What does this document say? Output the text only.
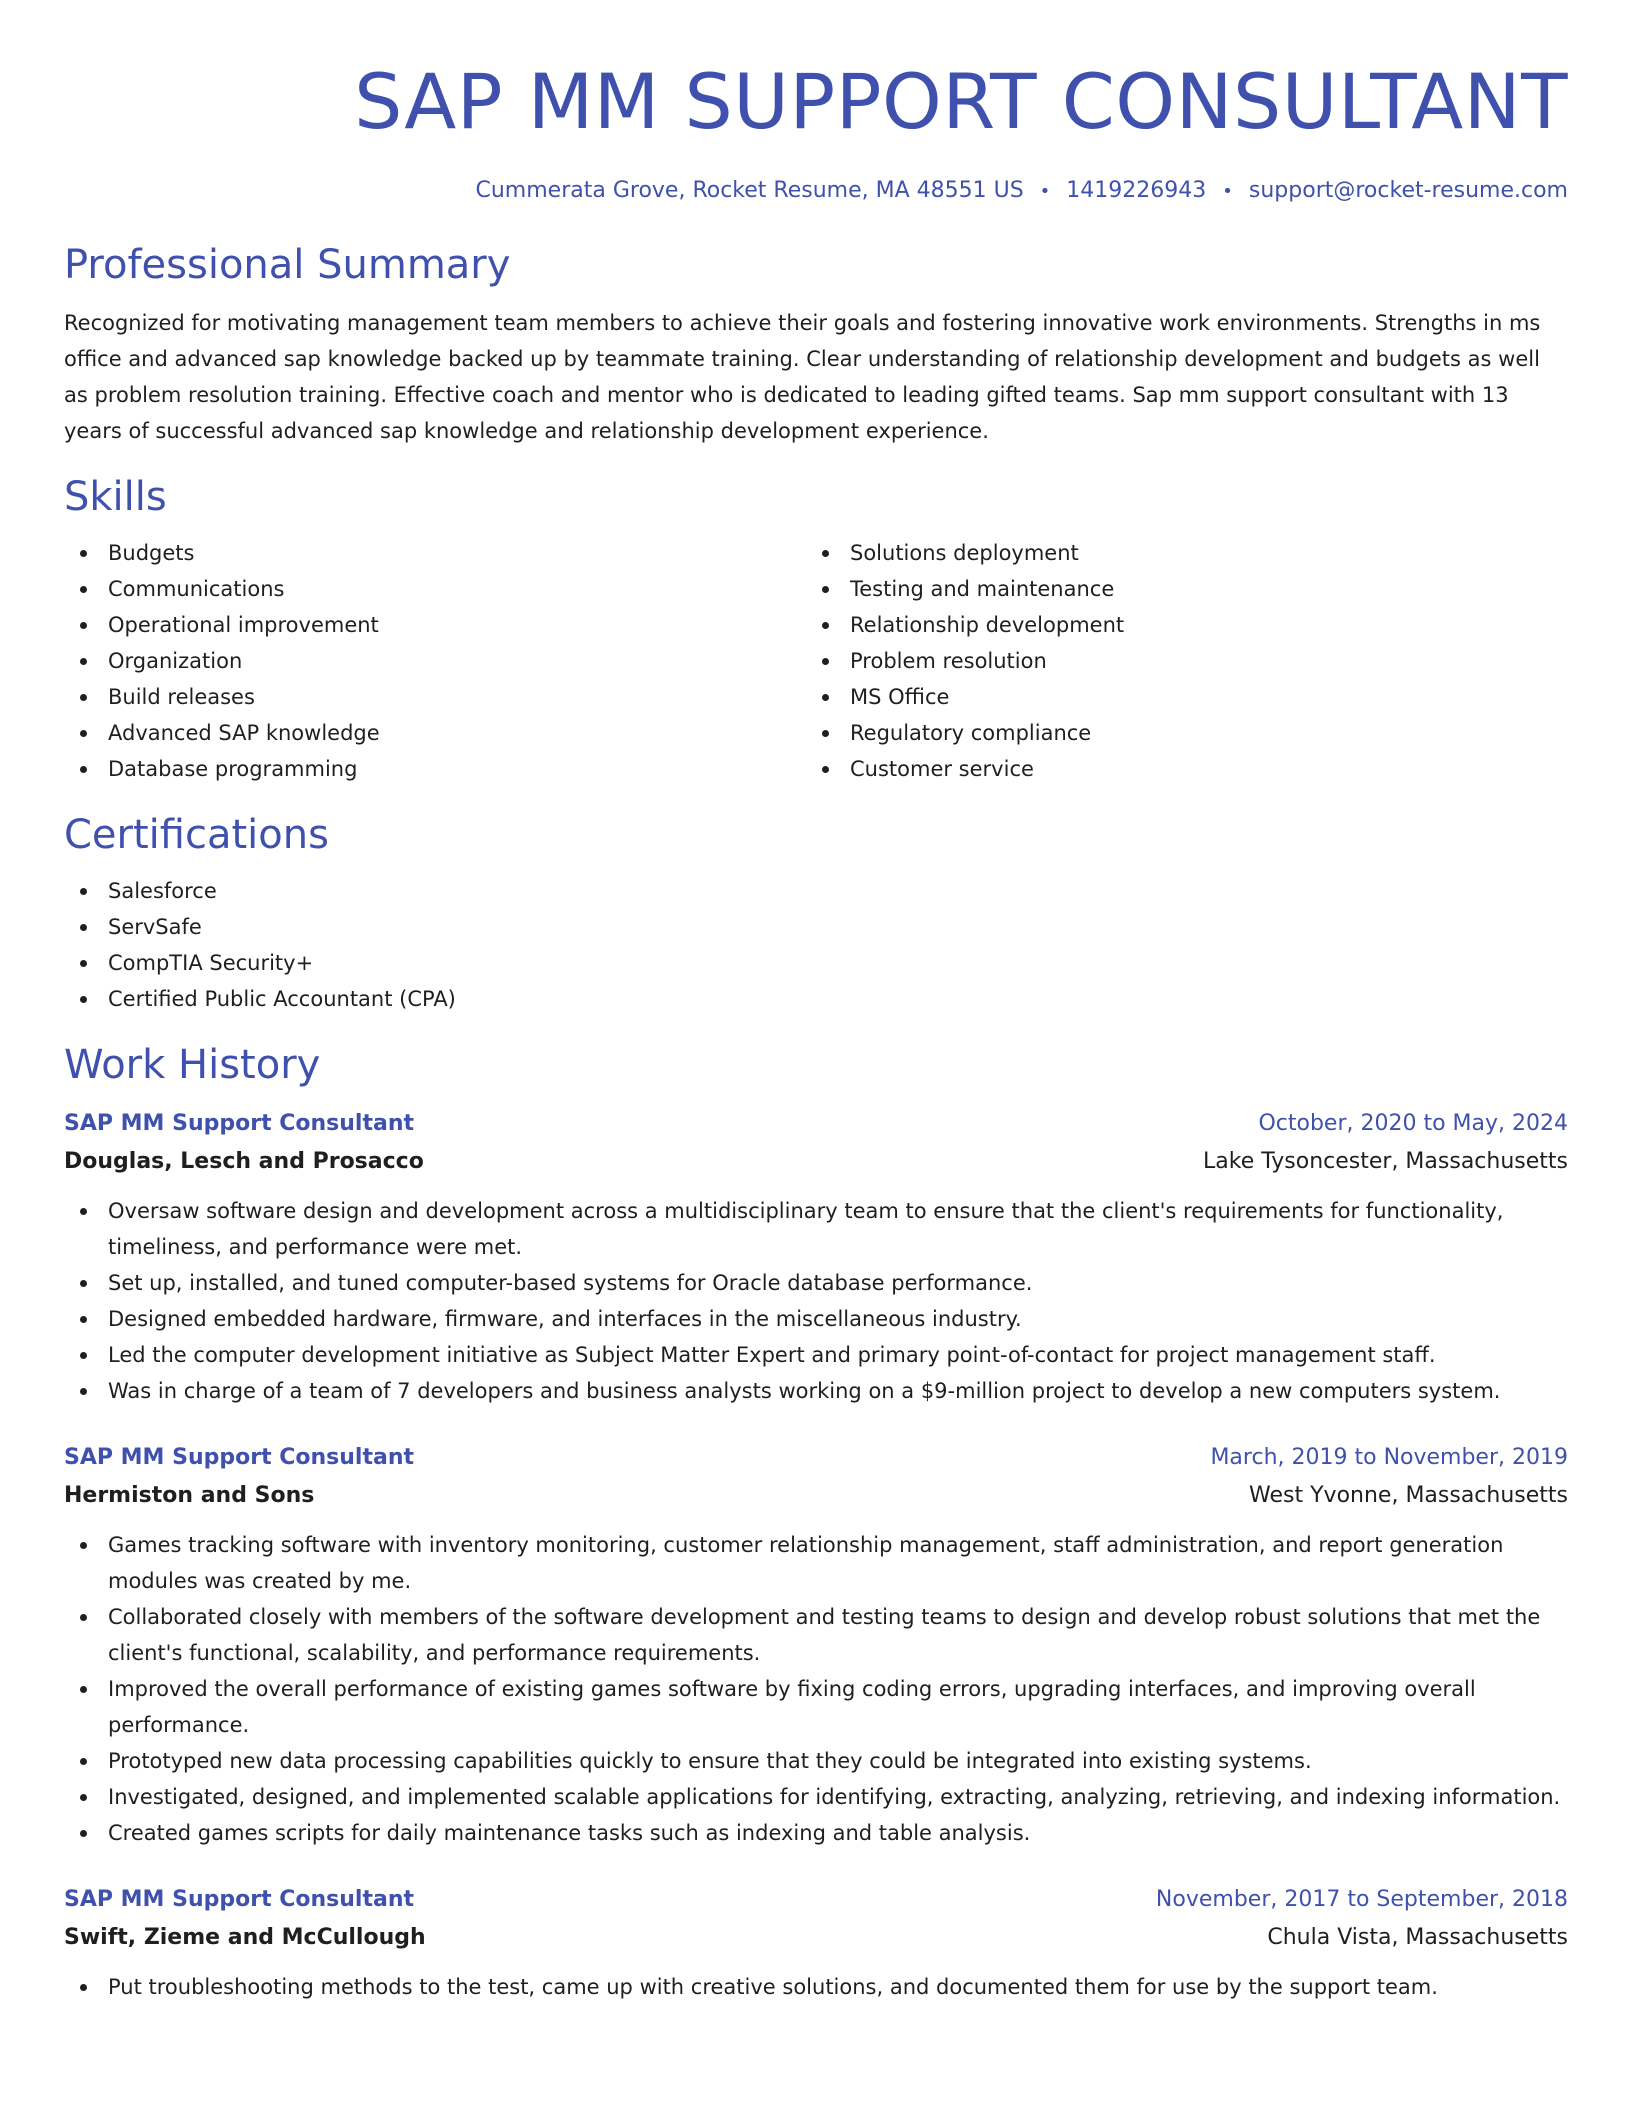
SAP MM SUPPORT CONSULTANT
Cummerata Grove, Rocket Resume, MA 48551 US • 1419226943 • support@rocket-resume.com
Professional Summary

Recognized for motivating management team members to achieve their goals and fostering innovative work environments. Strengths in ms office and advanced sap knowledge backed up by teammate training. Clear understanding of relationship development and budgets as well as problem resolution training. Effective coach and mentor who is dedicated to leading gifted teams. Sap mm support consultant with 13 years of successful advanced sap knowledge and relationship development experience.

Skills
Budgets
Communications
Operational improvement
Organization
Build releases
Advanced SAP knowledge
Database programming
Solutions deployment
Testing and maintenance
Relationship development
Problem resolution
MS Office
Regulatory compliance
Customer service
Certifications
Salesforce
ServSafe
CompTIA Security+
Certified Public Accountant (CPA)
Work History
SAP MM Support Consultant	October, 2020 to May, 2024
Douglas, Lesch and Prosacco	Lake Tysoncester, Massachusetts
Oversaw software design and development across a multidisciplinary team to ensure that the client's requirements for functionality, timeliness, and performance were met.
Set up, installed, and tuned computer-based systems for Oracle database performance.
Designed embedded hardware, firmware, and interfaces in the miscellaneous industry.
Led the computer development initiative as Subject Matter Expert and primary point-of-contact for project management staff.
Was in charge of a team of 7 developers and business analysts working on a $9-million project to develop a new computers system.
SAP MM Support Consultant	March, 2019 to November, 2019
Hermiston and Sons	West Yvonne, Massachusetts
Games tracking software with inventory monitoring, customer relationship management, staff administration, and report generation modules was created by me.
Collaborated closely with members of the software development and testing teams to design and develop robust solutions that met the client's functional, scalability, and performance requirements.
Improved the overall performance of existing games software by fixing coding errors, upgrading interfaces, and improving overall performance.
Prototyped new data processing capabilities quickly to ensure that they could be integrated into existing systems.
Investigated, designed, and implemented scalable applications for identifying, extracting, analyzing, retrieving, and indexing information.
Created games scripts for daily maintenance tasks such as indexing and table analysis.
SAP MM Support Consultant	November, 2017 to September, 2018
Swift, Zieme and McCullough	Chula Vista, Massachusetts
Put troubleshooting methods to the test, came up with creative solutions, and documented them for use by the support team.
